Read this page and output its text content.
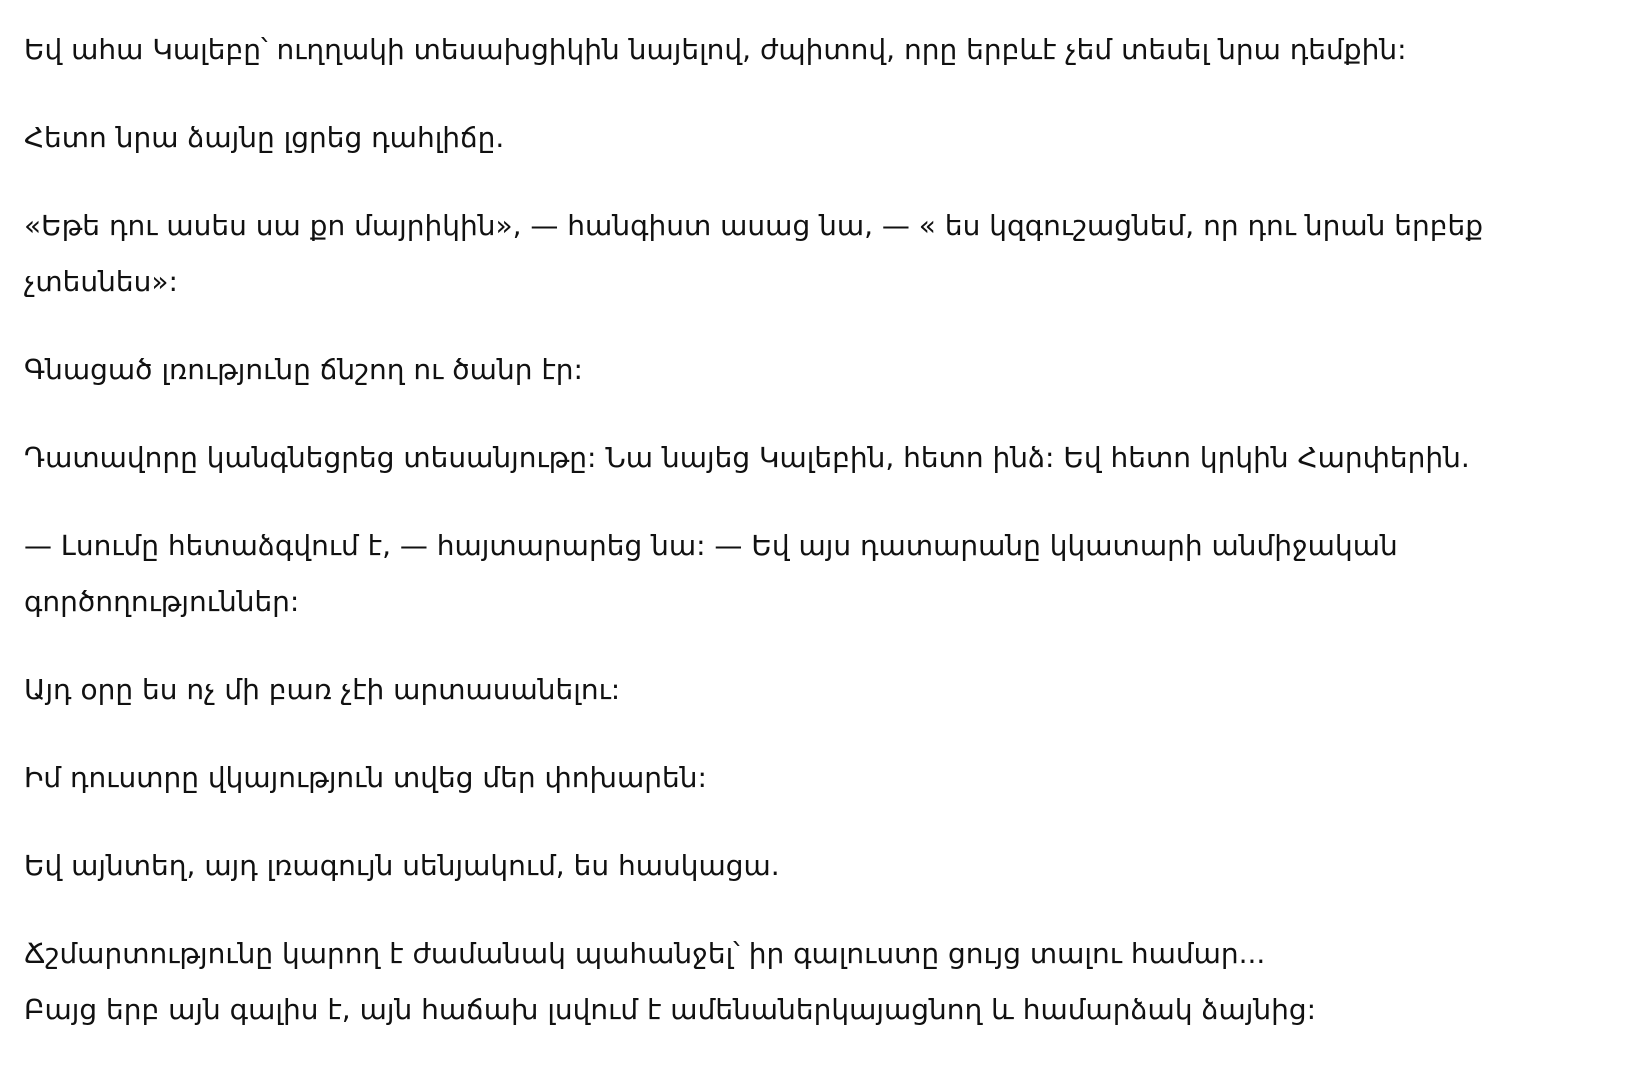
Եվ ահա Կալեբը՝ ուղղակի տեսախցիկին նայելով, ժպիտով, որը երբևէ չեմ տեսել նրա դեմքին:

Հետո նրա ձայնը լցրեց դահլիճը.

«Եթե դու ասես սա քո մայրիկին», — հանգիստ ասաց նա, — « ես կզգուշացնեմ, որ դու նրան երբեք չտեսնես»:

Գնացած լռությունը ճնշող ու ծանր էր:

Դատավորը կանգնեցրեց տեսանյութը: Նա նայեց Կալեբին, հետո ինձ: Եվ հետո կրկին Հարփերին.

— Լսումը հետաձգվում է, — հայտարարեց նա: — Եվ այս դատարանը կկատարի անմիջական գործողություններ:

Այդ օրը ես ոչ մի բառ չէի արտասանելու:

Իմ դուստրը վկայություն տվեց մեր փոխարեն:

Եվ այնտեղ, այդ լռագույն սենյակում, ես հասկացա.

Ճշմարտությունը կարող է ժամանակ պահանջել՝ իր գալուստը ցույց տալու համար...

Բայց երբ այն գալիս է, այն հաճախ լսվում է ամենաներկայացնող և համարձակ ձայնից:
